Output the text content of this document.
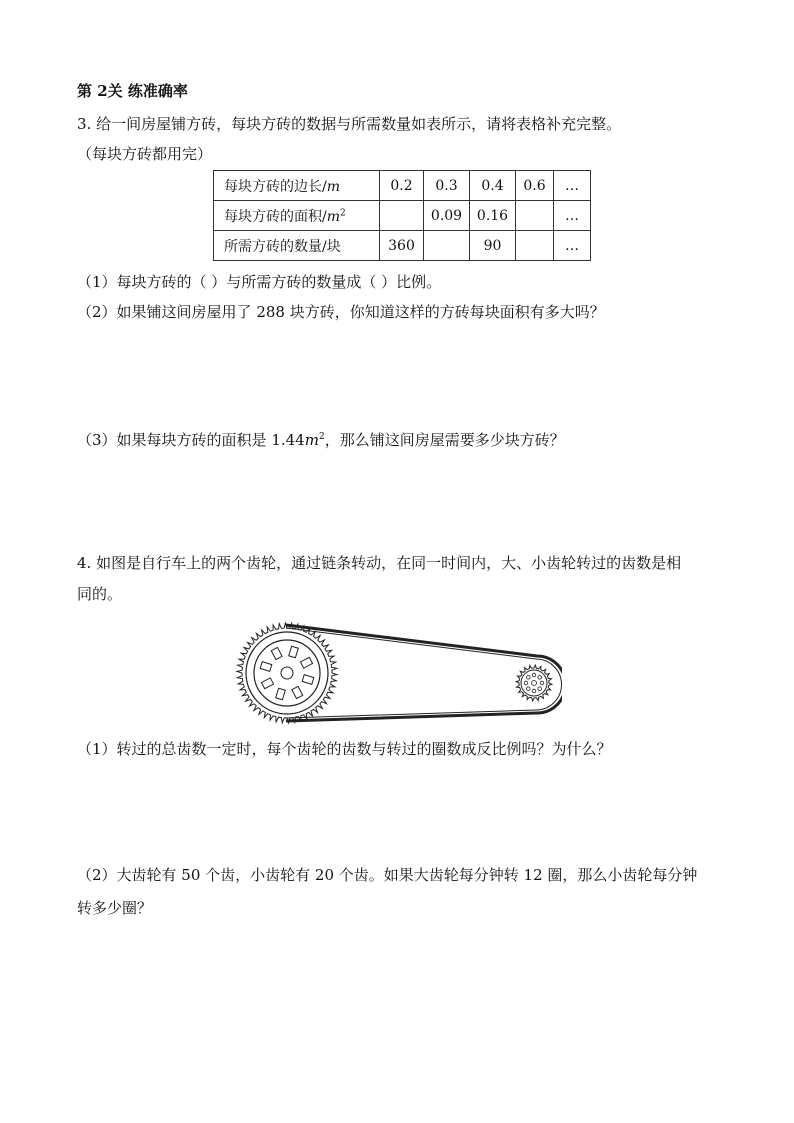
第 2关 练准确率
3. 给一间房屋铺方砖，每块方砖的数据与所需数量如表所示，请将表格补充完整。
（每块方砖都用完）
每块方砖的边长/m	0.2	0.3	0.4	0.6	…
每块方砖的面积$/m^2$		0.09	0.16		…
所需方砖的数量/块	360		90		…
（1）每块方砖的（ ）与所需方砖的数量成（ ）比例。
（2）如果铺这间房屋用了 288 块方砖，你知道这样的方砖每块面积有多大吗？
（3）如果每块方砖的面积是 $1.44m^2$，那么铺这间房屋需要多少块方砖？
4. 如图是自行车上的两个齿轮，通过链条转动，在同一时间内，大、小齿轮转过的齿数是相
同的。
（1）转过的总齿数一定时，每个齿轮的齿数与转过的圈数成反比例吗？为什么？
（2）大齿轮有 50 个齿，小齿轮有 20 个齿。如果大齿轮每分钟转 12 圈，那么小齿轮每分钟
转多少圈？
